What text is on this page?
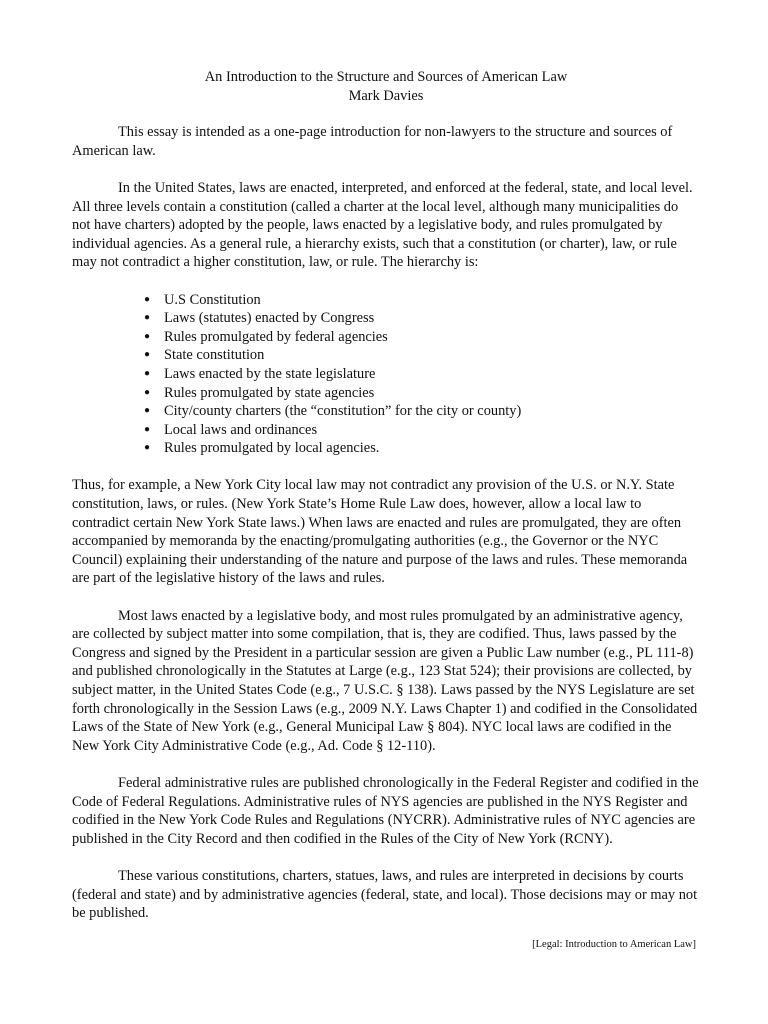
An Introduction to the Structure and Sources of American Law
Mark Davies

This essay is intended as a one-page introduction for non-lawyers to the structure and sources of American law.

In the United States, laws are enacted, interpreted, and enforced at the federal, state, and local level. All three levels contain a constitution (called a charter at the local level, although many municipalities do not have charters) adopted by the people, laws enacted by a legislative body, and rules promulgated by individual agencies. As a general rule, a hierarchy exists, such that a constitution (or charter), law, or rule may not contradict a higher constitution, law, or rule. The hierarchy is:

● U.S Constitution
● Laws (statutes) enacted by Congress
● Rules promulgated by federal agencies
● State constitution
● Laws enacted by the state legislature
● Rules promulgated by state agencies
● City/county charters (the “constitution” for the city or county)
● Local laws and ordinances
● Rules promulgated by local agencies.

Thus, for example, a New York City local law may not contradict any provision of the U.S. or N.Y. State constitution, laws, or rules. (New York State’s Home Rule Law does, however, allow a local law to contradict certain New York State laws.) When laws are enacted and rules are promulgated, they are often accompanied by memoranda by the enacting/promulgating authorities (e.g., the Governor or the NYC Council) explaining their understanding of the nature and purpose of the laws and rules. These memoranda are part of the legislative history of the laws and rules.

Most laws enacted by a legislative body, and most rules promulgated by an administrative agency, are collected by subject matter into some compilation, that is, they are codified. Thus, laws passed by the Congress and signed by the President in a particular session are given a Public Law number (e.g., PL 111-8) and published chronologically in the Statutes at Large (e.g., 123 Stat 524); their provisions are collected, by subject matter, in the United States Code (e.g., 7 U.S.C. § 138). Laws passed by the NYS Legislature are set forth chronologically in the Session Laws (e.g., 2009 N.Y. Laws Chapter 1) and codified in the Consolidated Laws of the State of New York (e.g., General Municipal Law § 804). NYC local laws are codified in the New York City Administrative Code (e.g., Ad. Code § 12-110).

Federal administrative rules are published chronologically in the Federal Register and codified in the Code of Federal Regulations. Administrative rules of NYS agencies are published in the NYS Register and codified in the New York Code Rules and Regulations (NYCRR). Administrative rules of NYC agencies are published in the City Record and then codified in the Rules of the City of New York (RCNY).

These various constitutions, charters, statues, laws, and rules are interpreted in decisions by courts (federal and state) and by administrative agencies (federal, state, and local). Those decisions may or may not be published.

[Legal: Introduction to American Law]
